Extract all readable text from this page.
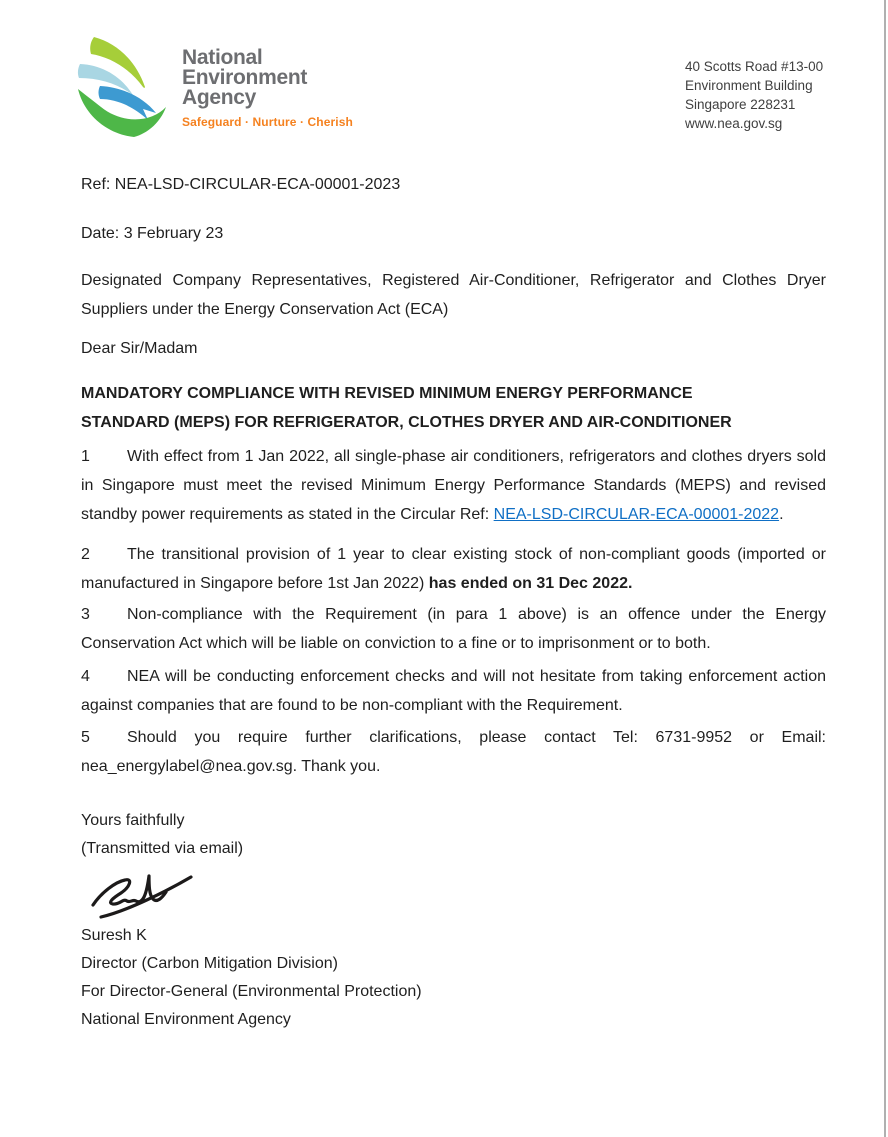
National
Environment
Agency
Safeguard · Nurture · Cherish
40 Scotts Road #13-00
Environment Building
Singapore 228231
www.nea.gov.sg

Ref: NEA-LSD-CIRCULAR-ECA-00001-2023

Date: 3 February 23

Designated Company Representatives, Registered Air-Conditioner, Refrigerator and Clothes Dryer Suppliers under the Energy Conservation Act (ECA)

Dear Sir/Madam

MANDATORY COMPLIANCE WITH REVISED MINIMUM ENERGY PERFORMANCE
STANDARD (MEPS) FOR REFRIGERATOR, CLOTHES DRYER AND AIR-CONDITIONER

1 With effect from 1 Jan 2022, all single-phase air conditioners, refrigerators and clothes dryers sold in Singapore must meet the revised Minimum Energy Performance Standards (MEPS) and revised standby power requirements as stated in the Circular Ref: NEA-LSD-CIRCULAR-ECA-00001-2022.

2 The transitional provision of 1 year to clear existing stock of non-compliant goods (imported or manufactured in Singapore before 1st Jan 2022) has ended on 31 Dec 2022.

3 Non-compliance with the Requirement (in para 1 above) is an offence under the Energy Conservation Act which will be liable on conviction to a fine or to imprisonment or to both.

4 NEA will be conducting enforcement checks and will not hesitate from taking enforcement action against companies that are found to be non-compliant with the Requirement.

5 Should you require further clarifications, please contact Tel: 6731-9952 or Email: nea_energylabel@nea.gov.sg. Thank you.

Yours faithfully
(Transmitted via email)
Suresh K
Director (Carbon Mitigation Division)
For Director-General (Environmental Protection)
National Environment Agency
